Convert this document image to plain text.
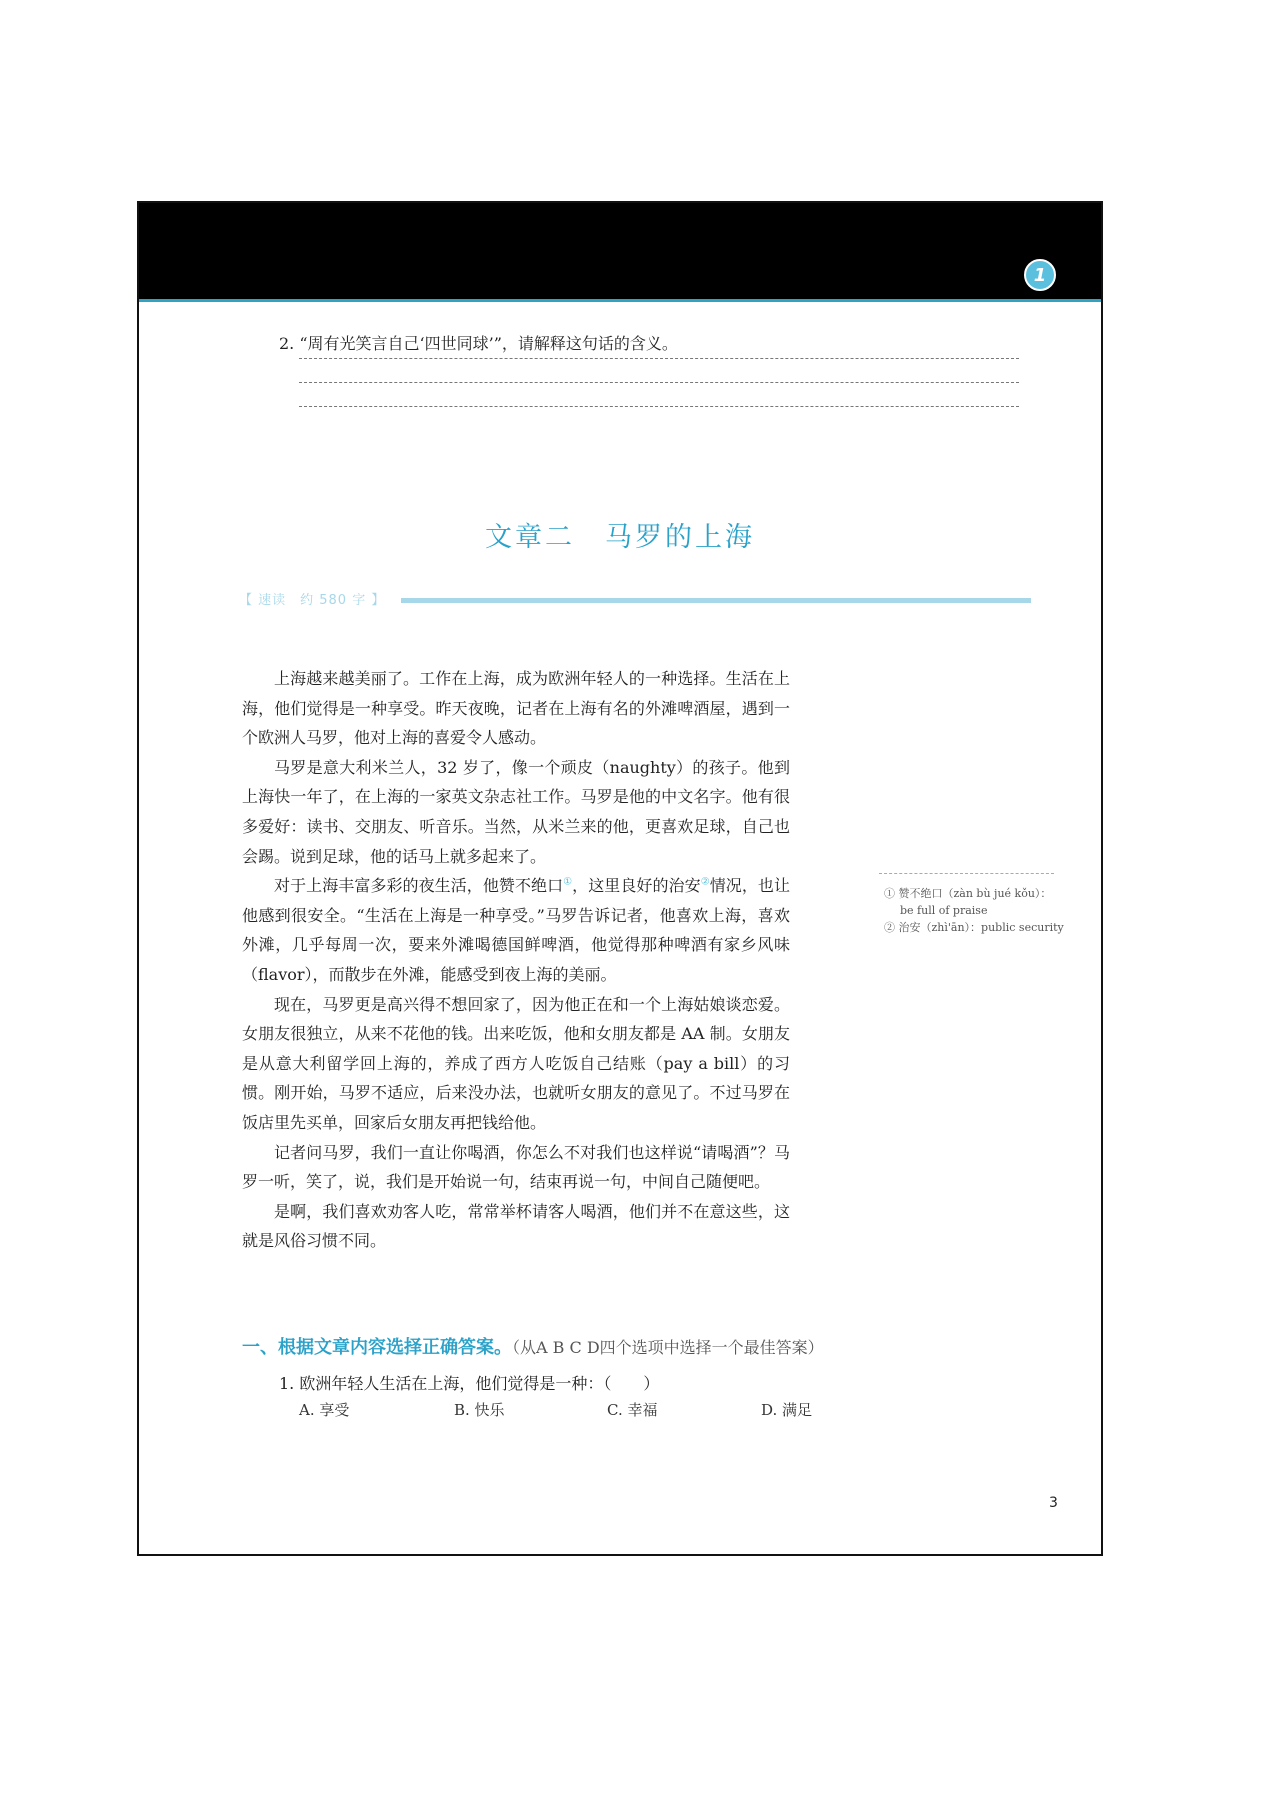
1
2. “周有光笑言自己‘四世同球’”，请解释这句话的含义。
文章二　马罗的上海
【 速读　约 580 字 】

上海越来越美丽了。工作在上海，成为欧洲年轻人的一种选择。生活在上海，他们觉得是一种享受。昨天夜晚，记者在上海有名的外滩啤酒屋，遇到一个欧洲人马罗，他对上海的喜爱令人感动。

马罗是意大利米兰人，32 岁了，像一个顽皮（naughty）的孩子。他到上海快一年了，在上海的一家英文杂志社工作。马罗是他的中文名字。他有很多爱好：读书、交朋友、听音乐。当然，从米兰来的他，更喜欢足球，自己也会踢。说到足球，他的话马上就多起来了。

对于上海丰富多彩的夜生活，他赞不绝口①，这里良好的治安②情况，也让他感到很安全。“生活在上海是一种享受。”马罗告诉记者，他喜欢上海，喜欢外滩，几乎每周一次，要来外滩喝德国鲜啤酒，他觉得那种啤酒有家乡风味（flavor），而散步在外滩，能感受到夜上海的美丽。

现在，马罗更是高兴得不想回家了，因为他正在和一个上海姑娘谈恋爱。女朋友很独立，从来不花他的钱。出来吃饭，他和女朋友都是 AA 制。女朋友是从意大利留学回上海的，养成了西方人吃饭自己结账（pay a bill）的习惯。刚开始，马罗不适应，后来没办法，也就听女朋友的意见了。不过马罗在饭店里先买单，回家后女朋友再把钱给他。

记者问马罗，我们一直让你喝酒，你怎么不对我们也这样说“请喝酒”？马罗一听，笑了，说，我们是开始说一句，结束再说一句，中间自己随便吧。

是啊，我们喜欢劝客人吃，常常举杯请客人喝酒，他们并不在意这些，这就是风俗习惯不同。

① 赞不绝口（zàn bù jué kǒu）：be full of praise
② 治安（zhì'ān）：public security
一、根据文章内容选择正确答案。（从A B C D四个选项中选择一个最佳答案）
1. 欧洲年轻人生活在上海，他们觉得是一种：（　　）
A. 享受	B. 快乐	C. 幸福	D. 满足
3
